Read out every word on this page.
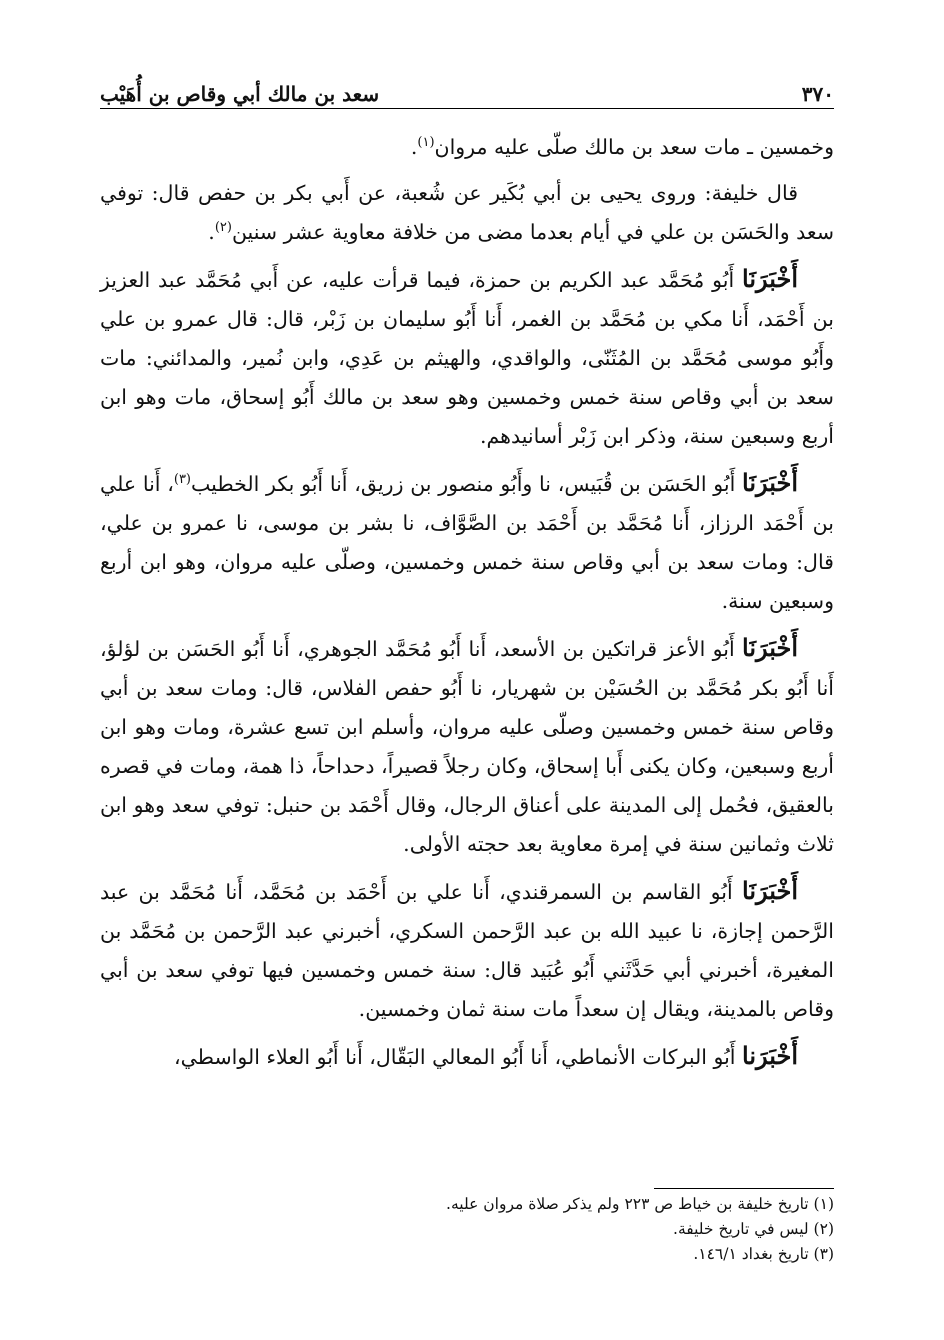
٣٧٠
سعد بن مالك أبي وقاص بن أُهَيْب

وخمسين ـ مات سعد بن مالك صلّى عليه مروان$^{(١)}$.

قال خليفة: وروى يحيى بن أبي بُكَير عن شُعبة، عن أَبي بكر بن حفص قال: توفي سعد والحَسَن بن علي في أيام بعدما مضى من خلافة معاوية عشر سنين$^{(٢)}$.

أَخْبَرَنَا أَبُو مُحَمَّد عبد الكريم بن حمزة، فيما قرأت عليه، عن أَبي مُحَمَّد عبد العزيز بن أَحْمَد، أَنا مكي بن مُحَمَّد بن الغمر، أَنا أَبُو سليمان بن زَبْر، قال: قال عمرو بن علي وأَبُو موسى مُحَمَّد بن المُثَنّى، والواقدي، والهيثم بن عَدِي، وابن نُمير، والمدائني: مات سعد بن أبي وقاص سنة خمس وخمسين وهو سعد بن مالك أَبُو إسحاق، مات وهو ابن أربع وسبعين سنة، وذكر ابن زَبْر أسانيدهم.

أَخْبَرَنَا أَبُو الحَسَن بن قُبَيس، نا وأَبُو منصور بن زريق، أَنا أَبُو بكر الخطيب$^{(٣)}$، أَنا علي بن أَحْمَد الرزاز، أَنا مُحَمَّد بن أَحْمَد بن الصَّوَّاف، نا بشر بن موسى، نا عمرو بن علي، قال: ومات سعد بن أبي وقاص سنة خمس وخمسين، وصلّى عليه مروان، وهو ابن أربع وسبعين سنة.

أَخْبَرَنَا أَبُو الأعز قراتكين بن الأسعد، أَنا أَبُو مُحَمَّد الجوهري، أَنا أَبُو الحَسَن بن لؤلؤ، أَنا أَبُو بكر مُحَمَّد بن الحُسَيْن بن شهريار، نا أَبُو حفص الفلاس، قال: ومات سعد بن أبي وقاص سنة خمس وخمسين وصلّى عليه مروان، وأسلم ابن تسع عشرة، ومات وهو ابن أربع وسبعين، وكان يكنى أَبا إسحاق، وكان رجلاً قصيراً، دحداحاً، ذا همة، ومات في قصره بالعقيق، فحُمل إلى المدينة على أعناق الرجال، وقال أَحْمَد بن حنبل: توفي سعد وهو ابن ثلاث وثمانين سنة في إمرة معاوية بعد حجته الأولى.

أَخْبَرَنَا أَبُو القاسم بن السمرقندي، أَنا علي بن أَحْمَد بن مُحَمَّد، أَنا مُحَمَّد بن عبد الرَّحمن إجازة، نا عبيد الله بن عبد الرَّحمن السكري، أخبرني عبد الرَّحمن بن مُحَمَّد بن المغيرة، أخبرني أبي حَدَّثَني أَبُو عُبَيد قال: سنة خمس وخمسين فيها توفي سعد بن أبي وقاص بالمدينة، ويقال إن سعداً مات سنة ثمان وخمسين.

أَخْبَرَنا أَبُو البركات الأنماطي، أَنا أَبُو المعالي البَقّال، أَنا أَبُو العلاء الواسطي،

(١) تاريخ خليفة بن خياط ص ٢٢٣ ولم يذكر صلاة مروان عليه.

(٢) ليس في تاريخ خليفة.

(٣) تاريخ بغداد ١٤٦/١.
